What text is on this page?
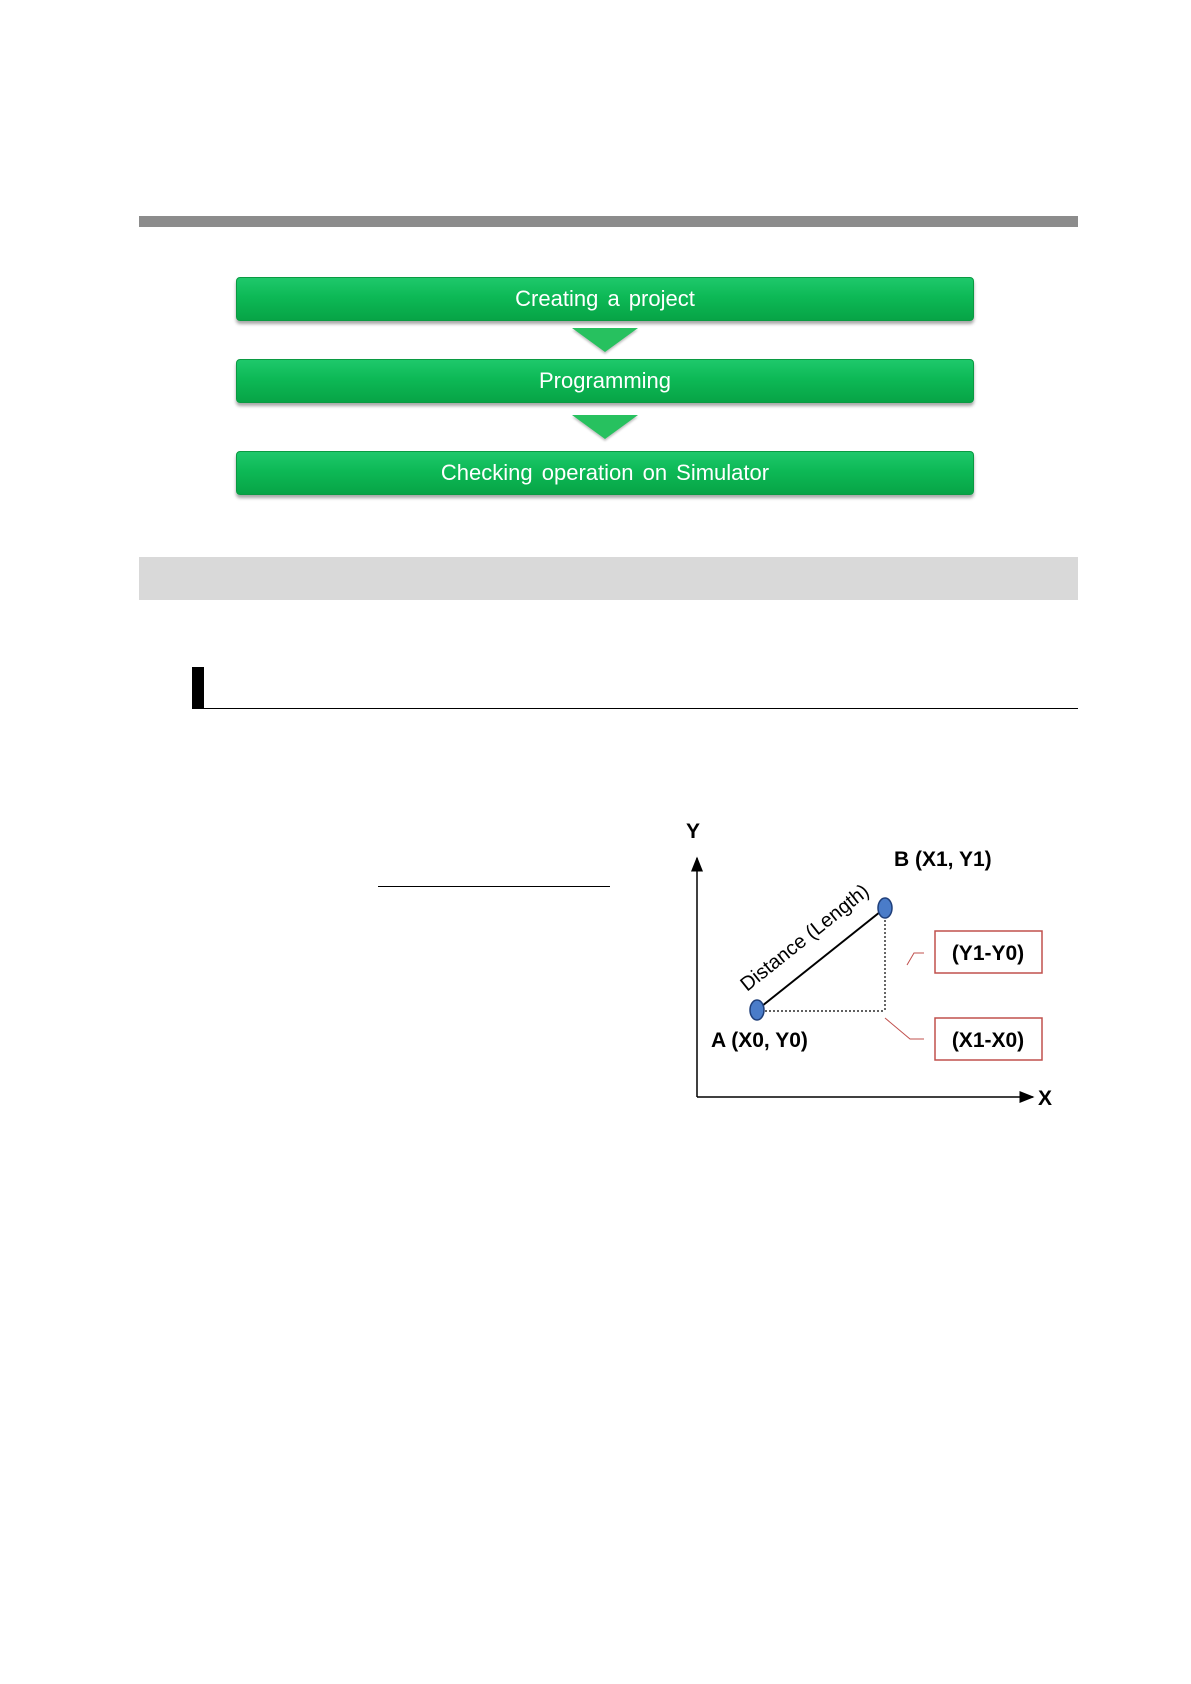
Creating a project
Programming
Checking operation on Simulator
Y
X
Distance (Length)
A (X0, Y0)
B (X1, Y1)
(Y1-Y0)
(X1-X0)
